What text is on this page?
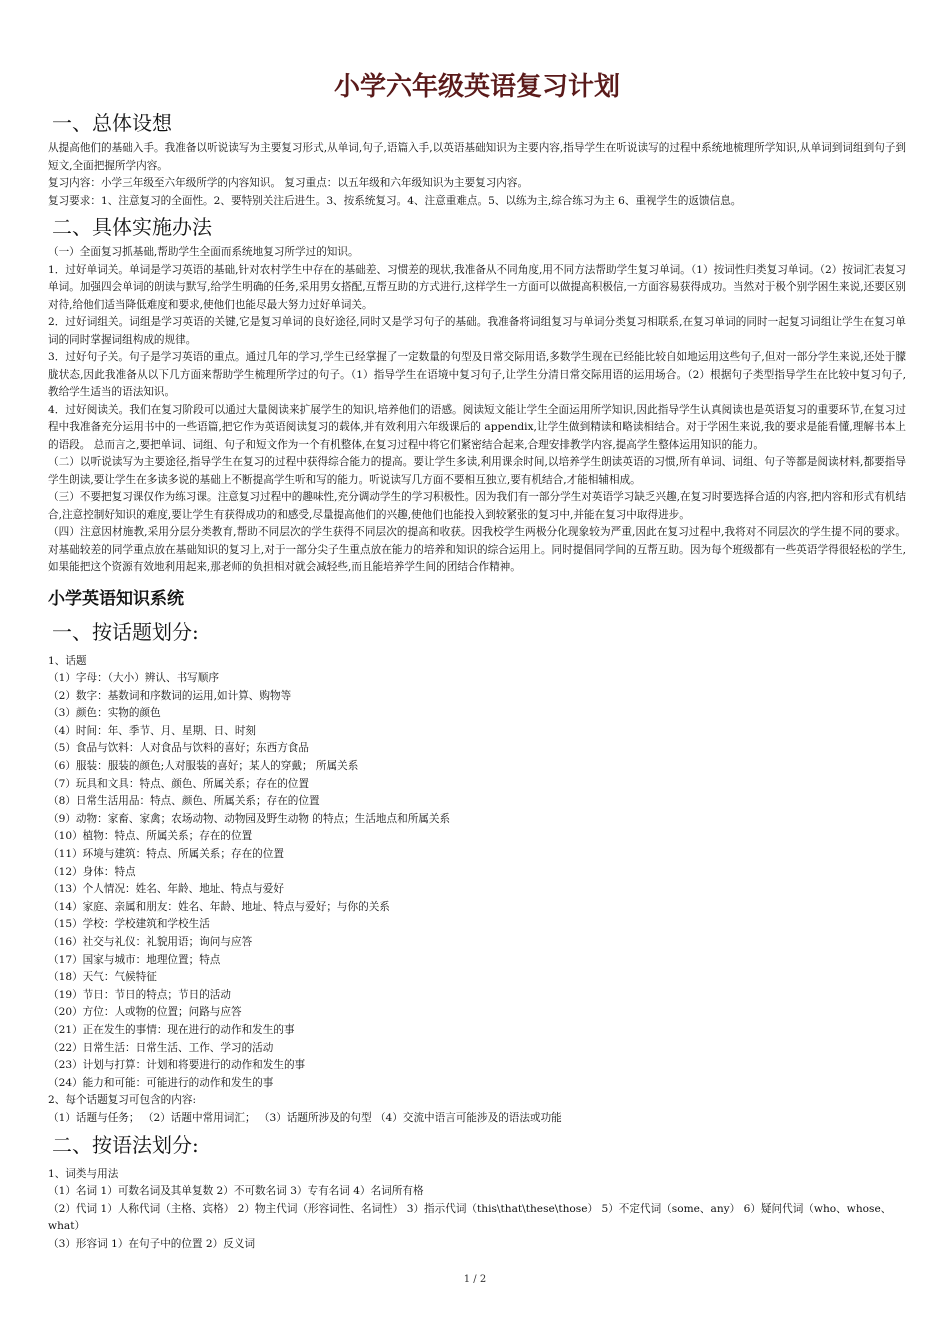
小学六年级英语复习计划
一、总体设想

从提高他们的基础入手。我准备以听说读写为主要复习形式,从单词,句子,语篇入手,以英语基础知识为主要内容,指导学生在听说读写的过程中系统地梳理所学知识,从单词到词组到句子到短文,全面把握所学内容。

复习内容：小学三年级至六年级所学的内容知识。 复习重点：以五年级和六年级知识为主要复习内容。

复习要求：1、注意复习的全面性。2、要特别关注后进生。3、按系统复习。4、注意重难点。5、以练为主,综合练习为主 6、重视学生的返馈信息。

二、具体实施办法

（一）全面复习抓基础,帮助学生全面而系统地复习所学过的知识。

1．过好单词关。单词是学习英语的基础,针对农村学生中存在的基础差、习惯差的现状,我准备从不同角度,用不同方法帮助学生复习单词。（1）按词性归类复习单词。（2）按词汇表复习单词。加强四会单词的朗读与默写,给学生明确的任务,采用男女搭配,互帮互助的方式进行,这样学生一方面可以做提高积极信,一方面容易获得成功。当然对于极个别学困生来说,还要区别对待,给他们适当降低难度和要求,使他们也能尽最大努力过好单词关。

2．过好词组关。词组是学习英语的关键,它是复习单词的良好途径,同时又是学习句子的基础。我准备将词组复习与单词分类复习相联系,在复习单词的同时一起复习词组让学生在复习单词的同时掌握词组构成的规律。

3．过好句子关。句子是学习英语的重点。通过几年的学习,学生已经掌握了一定数量的句型及日常交际用语,多数学生现在已经能比较自如地运用这些句子,但对一部分学生来说,还处于朦胧状态,因此我准备从以下几方面来帮助学生梳理所学过的句子。（1）指导学生在语境中复习句子,让学生分清日常交际用语的运用场合。（2）根据句子类型指导学生在比较中复习句子,教给学生适当的语法知识。

4．过好阅读关。我们在复习阶段可以通过大量阅读来扩展学生的知识,培养他们的语感。阅读短文能让学生全面运用所学知识,因此指导学生认真阅读也是英语复习的重要环节,在复习过程中我准备充分运用书中的一些语篇,把它作为英语阅读复习的载体,并有效利用六年级课后的 appendix,让学生做到精读和略读相结合。对于学困生来说,我的要求是能看懂,理解书本上的语段。 总而言之,要把单词、词组、句子和短文作为一个有机整体,在复习过程中将它们紧密结合起来,合理安排教学内容,提高学生整体运用知识的能力。

（二）以听说读写为主要途径,指导学生在复习的过程中获得综合能力的提高。要让学生多读,利用课余时间,以培养学生朗读英语的习惯,所有单词、词组、句子等都是阅读材料,都要指导学生朗读,要让学生在多读多说的基础上不断提高学生听和写的能力。听说读写几方面不要相互独立,要有机结合,才能相辅相成。

（三）不要把复习课仅作为练习课。注意复习过程中的趣味性,充分调动学生的学习积极性。因为我们有一部分学生对英语学习缺乏兴趣,在复习时要选择合适的内容,把内容和形式有机结合,注意控制好知识的难度,要让学生有获得成功的和感受,尽量提高他们的兴趣,使他们也能投入到较紧张的复习中,并能在复习中取得进步。

（四）注意因材施教,采用分层分类教育,帮助不同层次的学生获得不同层次的提高和收获。因我校学生两极分化现象较为严重,因此在复习过程中,我将对不同层次的学生提不同的要求。对基础较差的同学重点放在基础知识的复习上,对于一部分尖子生重点放在能力的培养和知识的综合运用上。同时提倡同学间的互帮互助。因为每个班级都有一些英语学得很轻松的学生,如果能把这个资源有效地利用起来,那老师的负担相对就会减轻些,而且能培养学生间的团结合作精神。

小学英语知识系统
一、按话题划分:

1、话题

（1）字母：（大小）辨认、书写顺序

（2）数字：基数词和序数词的运用,如计算、购物等

（3）颜色：实物的颜色

（4）时间：年、季节、月、星期、日、时刻

（5）食品与饮料：人对食品与饮料的喜好；东西方食品

（6）服装：服装的颜色;人对服装的喜好；某人的穿戴； 所属关系

（7）玩具和文具：特点、颜色、所属关系；存在的位置

（8）日常生活用品：特点、颜色、所属关系；存在的位置

（9）动物：家畜、家禽；农场动物、动物园及野生动物 的特点；生活地点和所属关系

（10）植物：特点、所属关系；存在的位置

（11）环境与建筑：特点、所属关系；存在的位置

（12）身体：特点

（13）个人情况：姓名、年龄、地址、特点与爱好

（14）家庭、亲属和朋友：姓名、年龄、地址、特点与爱好；与你的关系

（15）学校：学校建筑和学校生活

（16）社交与礼仪：礼貌用语；询问与应答

（17）国家与城市：地理位置；特点

（18）天气：气候特征

（19）节日：节日的特点；节日的活动

（20）方位：人或物的位置；问路与应答

（21）正在发生的事情：现在进行的动作和发生的事

（22）日常生活：日常生活、工作、学习的活动

（23）计划与打算：计划和将要进行的动作和发生的事

（24）能力和可能：可能进行的动作和发生的事

2、每个话题复习可包含的内容:

（1）话题与任务； （2）话题中常用词汇； （3）话题所涉及的句型 （4）交流中语言可能涉及的语法或功能

二、按语法划分:

1、词类与用法

（1）名词 1）可数名词及其单复数 2）不可数名词 3）专有名词 4）名词所有格

（2）代词 1）人称代词（主格、宾格） 2）物主代词（形容词性、名词性） 3）指示代词（this\that\these\those） 5）不定代词（some、any） 6）疑问代词（who、whose、what）

（3）形容词 1）在句子中的位置 2）反义词

1 / 2
